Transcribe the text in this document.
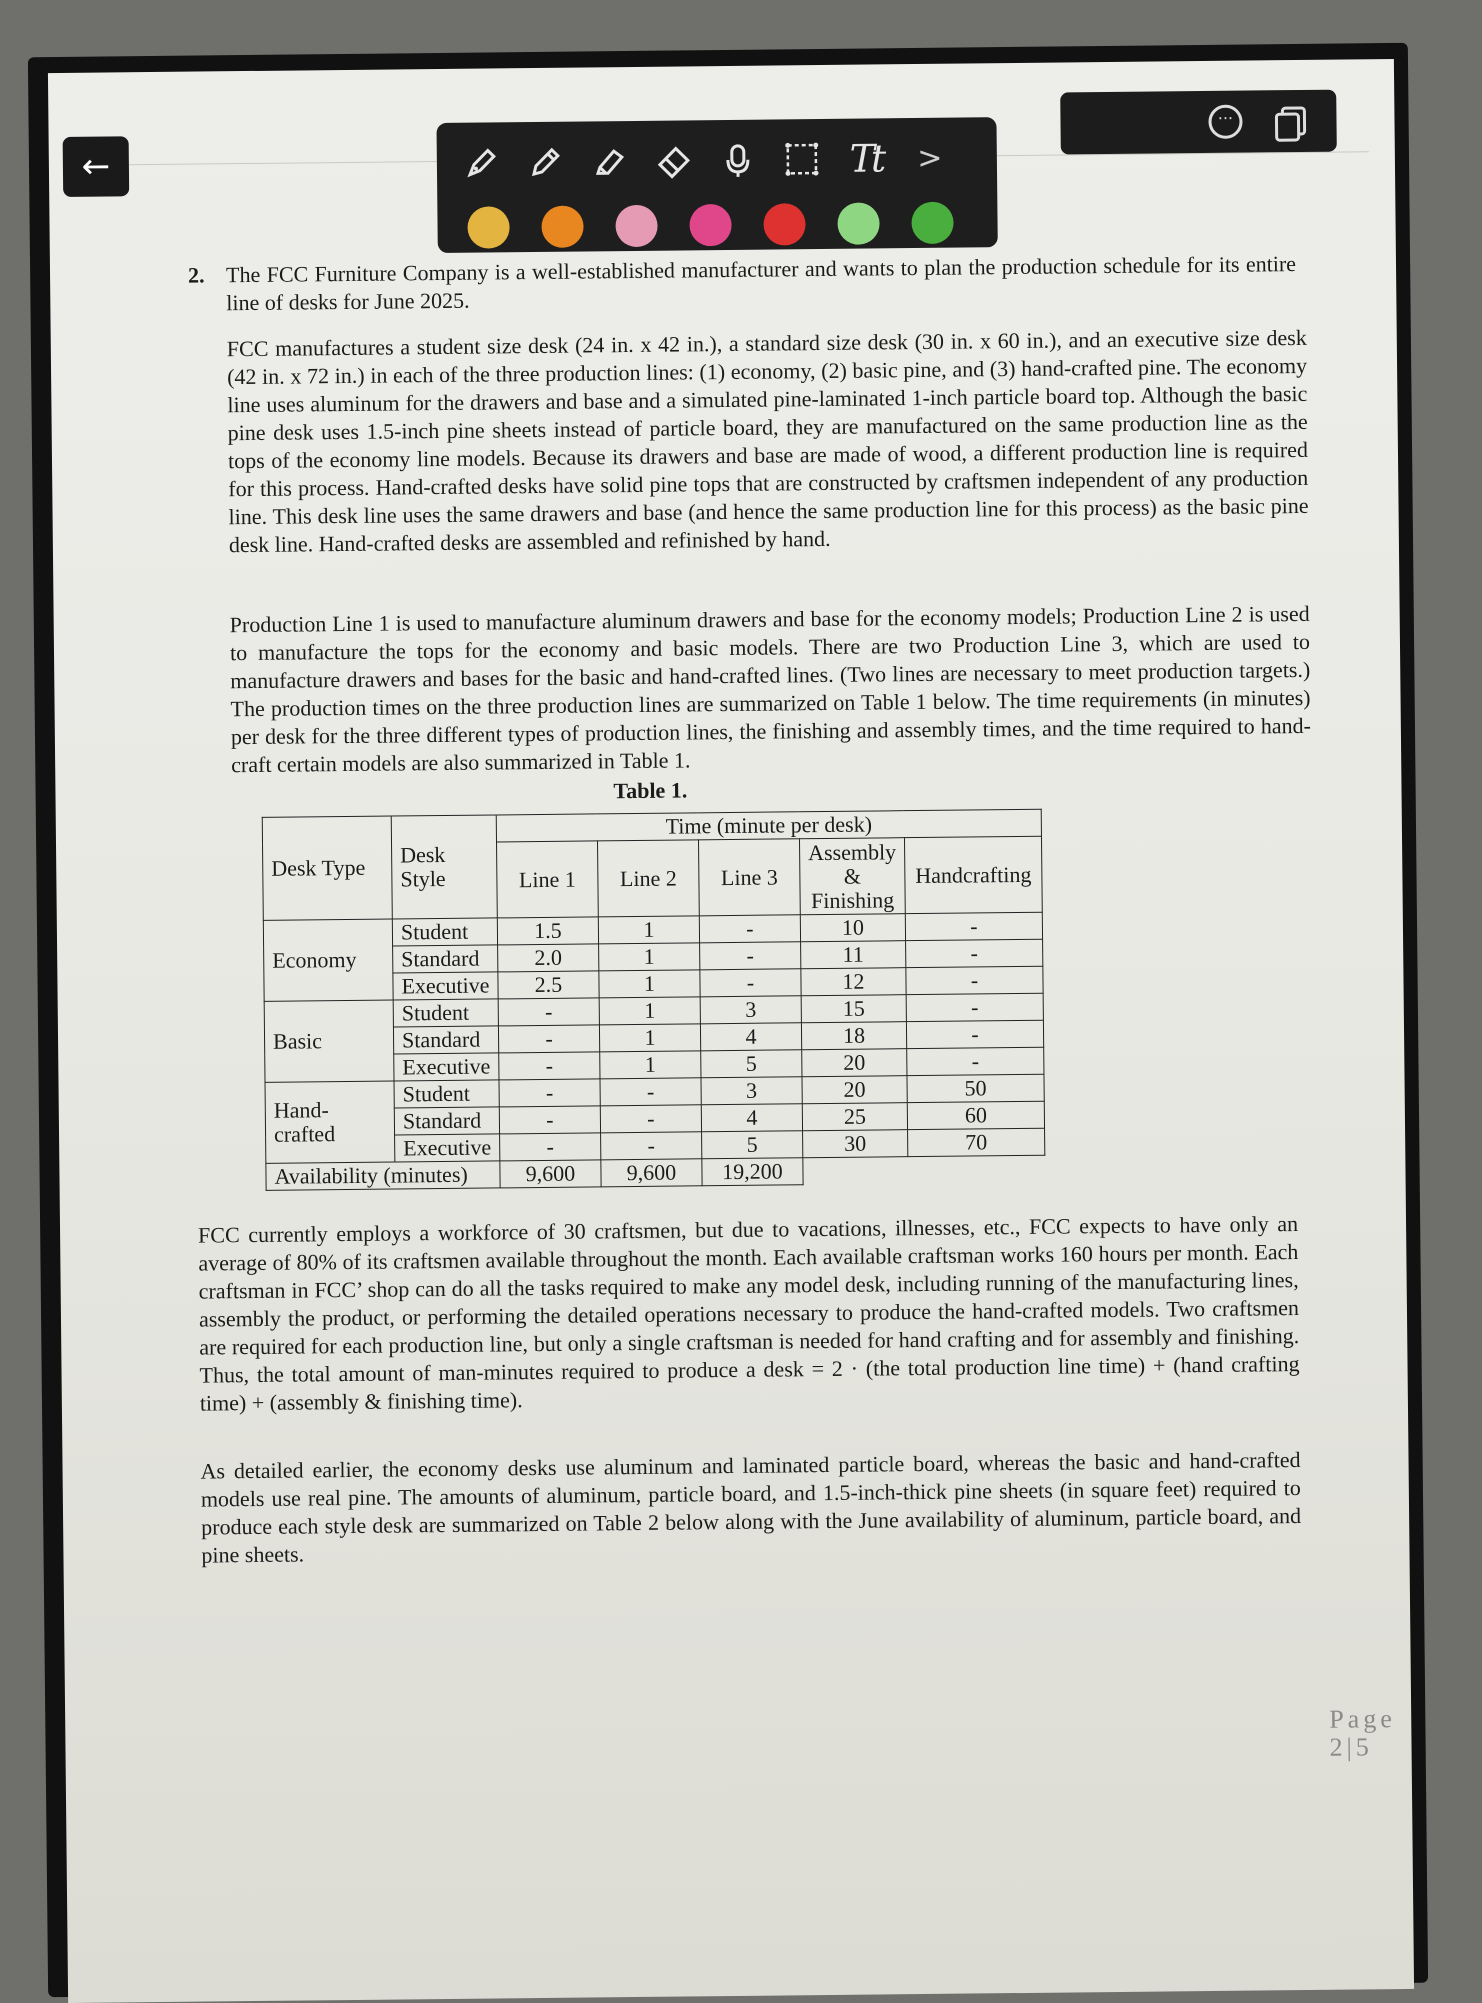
←	Tt >
···
2. The FCC Furniture Company is a well-established manufacturer and wants to plan the production schedule for its entire line of desks for June 2025.

FCC manufactures a student size desk (24 in. x 42 in.), a standard size desk (30 in. x 60 in.), and an executive size desk (42 in. x 72 in.) in each of the three production lines: (1) economy, (2) basic pine, and (3) hand-crafted pine. The economy line uses aluminum for the drawers and base and a simulated pine-laminated 1-inch particle board top. Although the basic pine desk uses 1.5-inch pine sheets instead of particle board, they are manufactured on the same production line as the tops of the economy line models. Because its drawers and base are made of wood, a different production line is required for this process. Hand-crafted desks have solid pine tops that are constructed by craftsmen independent of any production line. This desk line uses the same drawers and base (and hence the same production line for this process) as the basic pine desk line. Hand-crafted desks are assembled and refinished by hand.

Production Line 1 is used to manufacture aluminum drawers and base for the economy models; Production Line 2 is used to manufacture the tops for the economy and basic models. There are two Production Line 3, which are used to manufacture drawers and bases for the basic and hand-crafted lines. (Two lines are necessary to meet production targets.) The production times on the three production lines are summarized on Table 1 below. The time requirements (in minutes) per desk for the three different types of production lines, the finishing and assembly times, and the time required to hand-craft certain models are also summarized in Table 1.

Table 1.
Desk Type	Desk Style	Time (minute per desk)				
		Line 1	Line 2	Line 3	Assembly & Finishing	Handcrafting
Economy	Student	1.5	1	-	10	-
	Standard	2.0	1	-	11	-
	Executive	2.5	1	-	12	-
Basic	Student	-	1	3	15	-
	Standard	-	1	4	18	-
	Executive	-	1	5	20	-
Hand-crafted	Student	-	-	3	20	50
	Standard	-	-	4	25	60
	Executive	-	-	5	30	70
Availability (minutes)		9,600	9,600	19,200		

FCC currently employs a workforce of 30 craftsmen, but due to vacations, illnesses, etc., FCC expects to have only an average of 80% of its craftsmen available throughout the month. Each available craftsman works 160 hours per month. Each craftsman in FCC’ shop can do all the tasks required to make any model desk, including running of the manufacturing lines, assembly the product, or performing the detailed operations necessary to produce the hand-crafted models. Two craftsmen are required for each production line, but only a single craftsman is needed for hand crafting and for assembly and finishing. Thus, the total amount of man-minutes required to produce a desk = 2 · (the total production line time) + (hand crafting time) + (assembly & finishing time).

As detailed earlier, the economy desks use aluminum and laminated particle board, whereas the basic and hand-crafted models use real pine. The amounts of aluminum, particle board, and 1.5-inch-thick pine sheets (in square feet) required to produce each style desk are summarized on Table 2 below along with the June availability of aluminum, particle board, and pine sheets.

Page 2|5
